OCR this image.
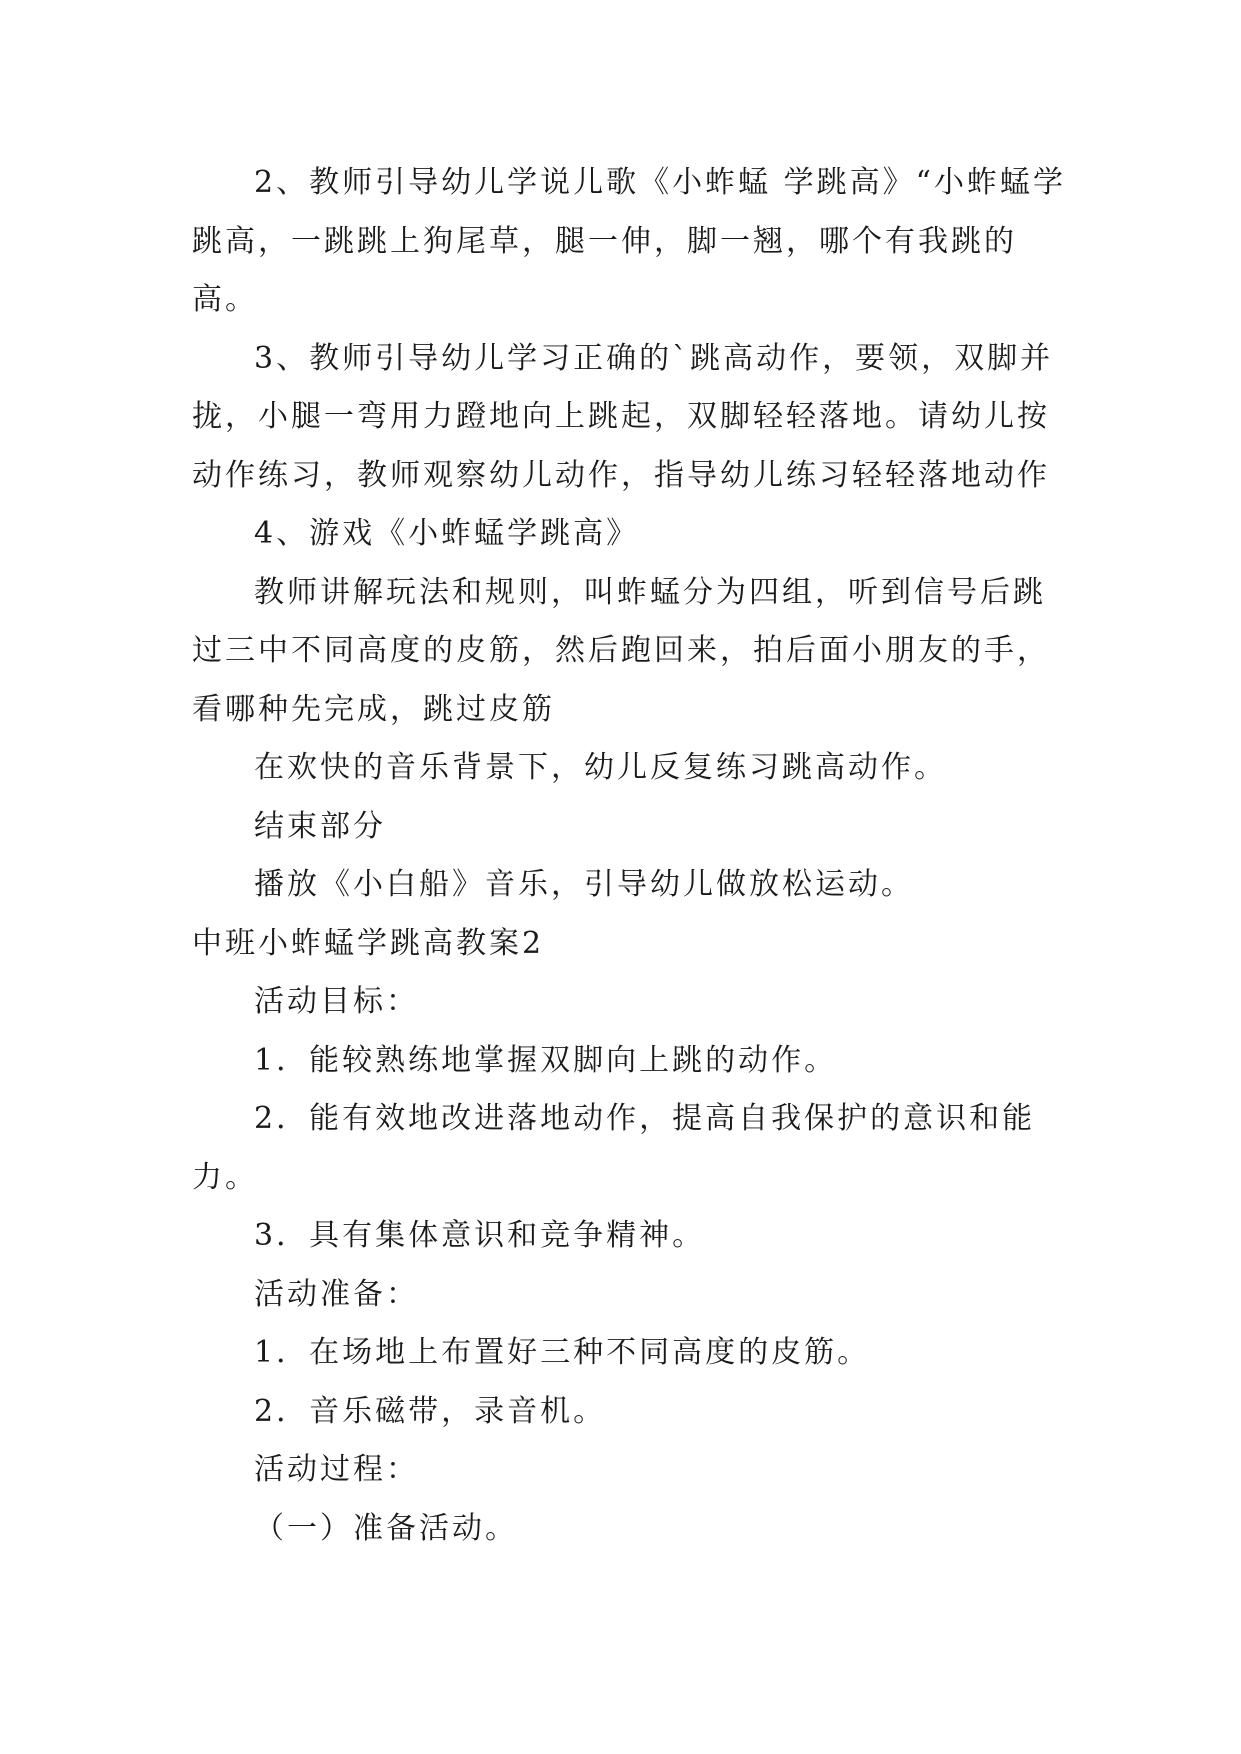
2、教师引导幼儿学说儿歌《小蚱蜢 学跳高》“小蚱蜢学跳高，一跳跳上狗尾草，腿一伸，脚一翘，哪个有我跳的高。

3、教师引导幼儿学习正确的`跳高动作，要领，双脚并拢，小腿一弯用力蹬地向上跳起，双脚轻轻落地。请幼儿按动作练习，教师观察幼儿动作，指导幼儿练习轻轻落地动作

4、游戏《小蚱蜢学跳高》

教师讲解玩法和规则，叫蚱蜢分为四组，听到信号后跳过三中不同高度的皮筋，然后跑回来，拍后面小朋友的手，看哪种先完成，跳过皮筋

在欢快的音乐背景下，幼儿反复练习跳高动作。

结束部分

播放《小白船》音乐，引导幼儿做放松运动。

中班小蚱蜢学跳高教案2

活动目标：

1．能较熟练地掌握双脚向上跳的动作。

2．能有效地改进落地动作，提高自我保护的意识和能力。

3．具有集体意识和竞争精神。

活动准备：

1．在场地上布置好三种不同高度的皮筋。

2．音乐磁带，录音机。

活动过程：

（一）准备活动。
